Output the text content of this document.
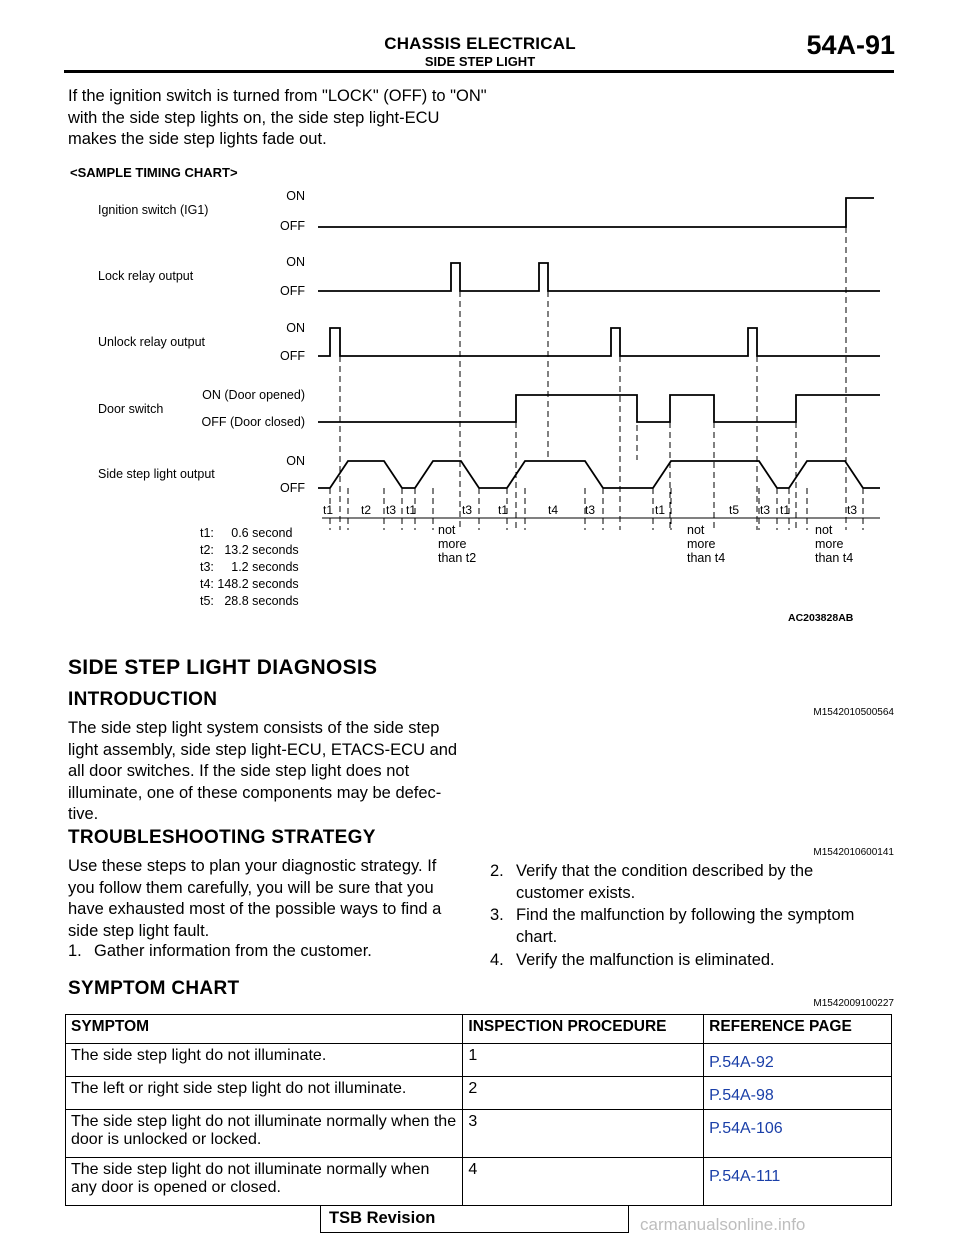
CHASSIS ELECTRICAL
SIDE STEP LIGHT
54A-91
If the ignition switch is turned from "LOCK" (OFF) to "ON" with the side step lights on, the side step light-ECU makes the side step lights fade out.
<SAMPLE TIMING CHART>
Ignition switch (IG1)
ON
OFF
Lock relay output
ON
OFF
Unlock relay output
ON
OFF
Door switch
ON (Door opened)
OFF (Door closed)
Side step light output
ON
OFF
t1 t2 t3 t1	t3 t1	t4 t3	t1	t5 t3 t1	t3
not
more
than t2
not
more
than t4
not
more
than t4
t1:     0.6 second
t2:   13.2 seconds
t3:     1.2 seconds
t4: 148.2 seconds
t5:   28.8 seconds
AC203828AB
SIDE STEP LIGHT DIAGNOSIS
INTRODUCTION
M1542010500564
The side step light system consists of the side step light assembly, side step light-ECU, ETACS-ECU and all door switches. If the side step light does not illuminate, one of these components may be defec-tive.
TROUBLESHOOTING STRATEGY
M1542010600141
Use these steps to plan your diagnostic strategy. If you follow them carefully, you will be sure that you have exhausted most of the possible ways to find a side step light fault.
1. Gather information from the customer.
2. Verify that the condition described by the customer exists.
3. Find the malfunction by following the symptom chart.
4. Verify the malfunction is eliminated.
SYMPTOM CHART
M1542009100227
SYMPTOM	INSPECTION PROCEDURE	REFERENCE PAGE
The side step light do not illuminate.	1	P.54A-92
The left or right side step light do not illuminate.	2	P.54A-98
The side step light do not illuminate normally when the door is unlocked or locked.	3	P.54A-106
The side step light do not illuminate normally when any door is opened or closed.	4	P.54A-111
TSB Revision	carmanualsonline.info
